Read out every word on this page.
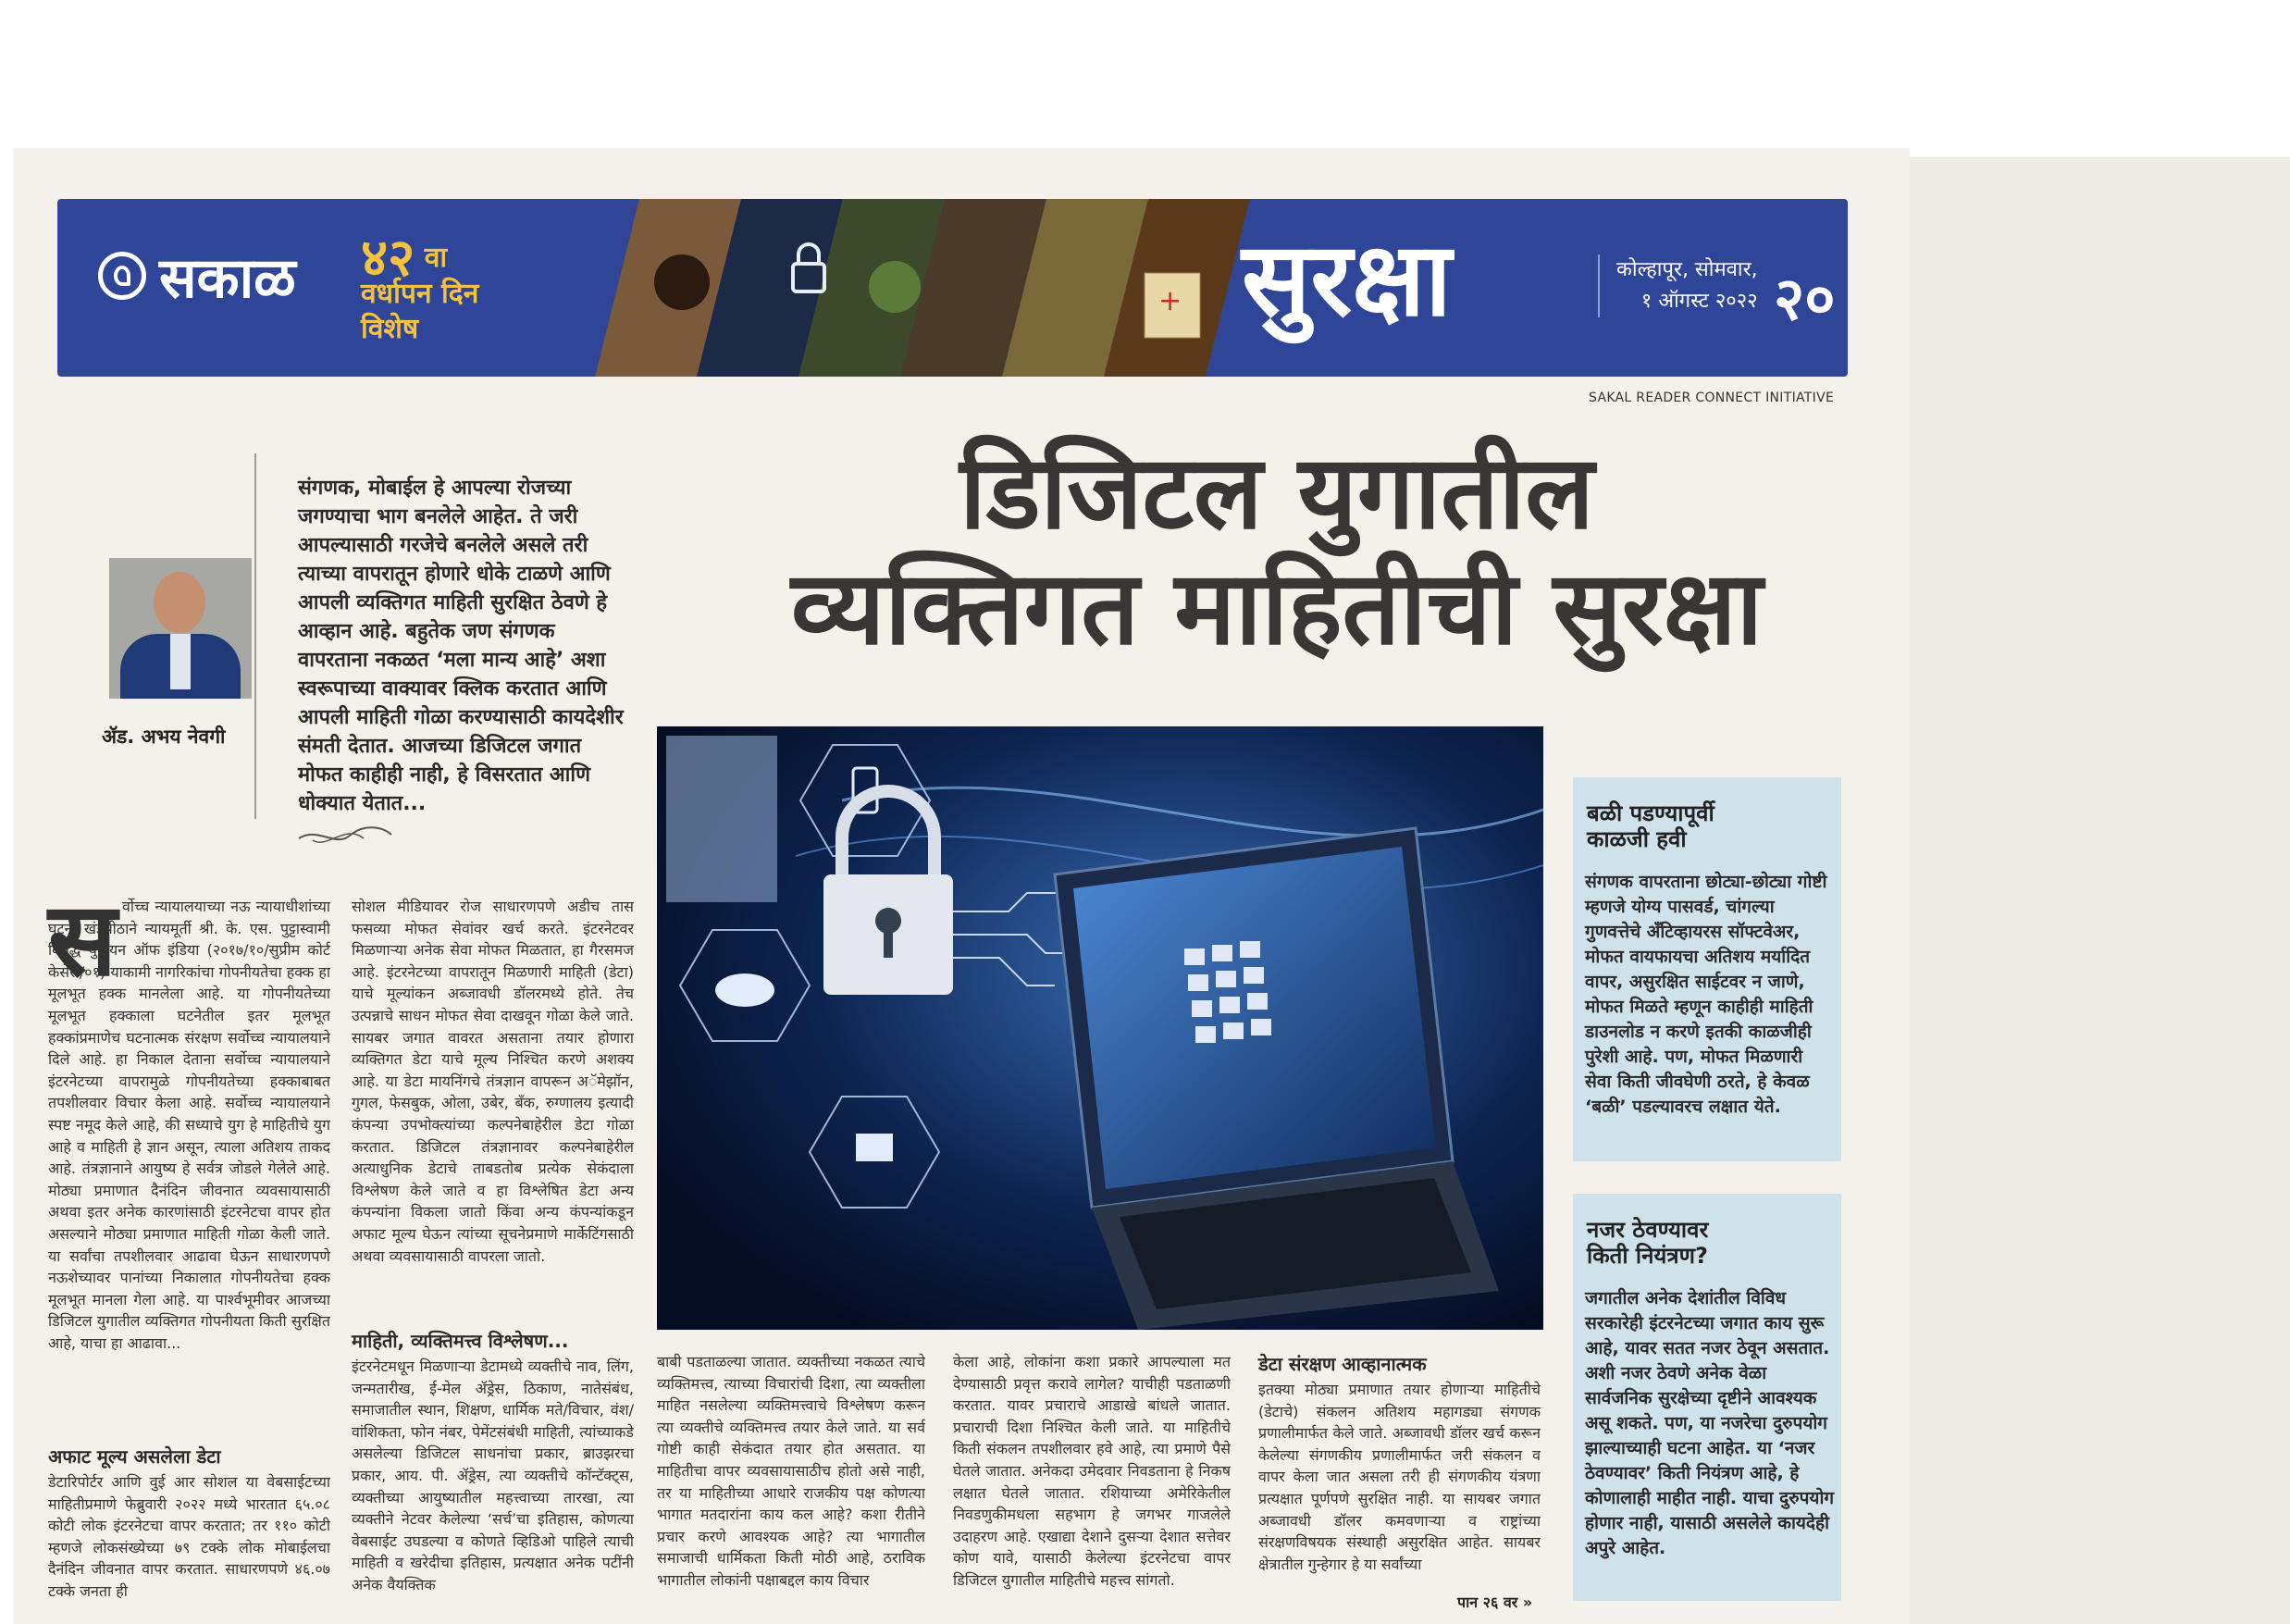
सकाळ ४२ वा
वर्धापन दिन
विशेष
+ सुरक्षा	कोल्हापूर, सोमवार,
१ ऑगस्ट २०२२ २०
SAKAL READER CONNECT INITIATIVE
डिजिटल युगातील
व्यक्तिगत माहितीची सुरक्षा
ॲड. अभय नेवगी
संगणक, मोबाईल हे आपल्या रोजच्या जगण्याचा भाग बनलेले आहेत. ते जरी आपल्यासाठी गरजेचे बनलेले असले तरी त्याच्या वापरातून होणारे धोके टाळणे आणि आपली व्यक्तिगत माहिती सुरक्षित ठेवणे हे आव्हान आहे. बहुतेक जण संगणक वापरताना नकळत ‘मला मान्य आहे’ अशा स्वरूपाच्या वाक्यावर क्लिक करतात आणि आपली माहिती गोळा करण्यासाठी कायदेशीर संमती देतात. आजच्या डिजिटल जगात मोफत काहीही नाही, हे विसरतात आणि धोक्यात येतात...
स र्वोच्च न्यायालयाच्या नऊ न्यायाधीशांच्या घटना खंडपीठाने न्यायमूर्ती श्री. के. एस. पुट्टास्वामी विरुद्ध युनियन ऑफ इंडिया (२०१७/१०/सुप्रीम कोर्ट केसेस/०१) याकामी नागरिकांचा गोपनीयतेचा हक्क हा मूलभूत हक्क मानलेला आहे. या गोपनीयतेच्या मूलभूत हक्काला घटनेतील इतर मूलभूत हक्कांप्रमाणेच घटनात्मक संरक्षण सर्वोच्च न्यायालयाने दिले आहे. हा निकाल देताना सर्वोच्च न्यायालयाने इंटरनेटच्या वापरामुळे गोपनीयतेच्या हक्काबाबत तपशीलवार विचार केला आहे. सर्वोच्च न्यायालयाने स्पष्ट नमूद केले आहे, की सध्याचे युग हे माहितीचे युग आहे व माहिती हे ज्ञान असून, त्याला अतिशय ताकद आहे. तंत्रज्ञानाने आयुष्य हे सर्वत्र जोडले गेलेले आहे. मोठ्या प्रमाणात दैनंदिन जीवनात व्यवसायासाठी अथवा इतर अनेक कारणांसाठी इंटरनेटचा वापर होत असल्याने मोठ्या प्रमाणात माहिती गोळा केली जाते. या सर्वांचा तपशीलवार आढावा घेऊन साधारणपणे नऊशेच्यावर पानांच्या निकालात गोपनीयतेचा हक्क मूलभूत मानला गेला आहे. या पार्श्वभूमीवर आजच्या डिजिटल युगातील व्यक्तिगत गोपनीयता किती सुरक्षित आहे, याचा हा आढावा...
अफाट मूल्य असलेला डेटा
डेटारिपोर्टर आणि वुई आर सोशल या वेबसाईटच्या माहितीप्रमाणे फेब्रुवारी २०२२ मध्ये भारतात ६५.०८ कोटी लोक इंटरनेटचा वापर करतात; तर ११० कोटी म्हणजे लोकसंख्येच्या ७९ टक्के लोक मोबाईलचा दैनंदिन जीवनात वापर करतात. साधारणपणे ४६.०७ टक्के जनता ही
सोशल मीडियावर रोज साधारणपणे अडीच तास फसव्या मोफत सेवांवर खर्च करते. इंटरनेटवर मिळणाऱ्या अनेक सेवा मोफत मिळतात, हा गैरसमज आहे. इंटरनेटच्या वापरातून मिळणारी माहिती (डेटा) याचे मूल्यांकन अब्जावधी डॉलरमध्ये होते. तेच उत्पन्नाचे साधन मोफत सेवा दाखवून गोळा केले जाते. सायबर जगात वावरत असताना तयार होणारा व्यक्तिगत डेटा याचे मूल्य निश्चित करणे अशक्य आहे. या डेटा मायनिंगचे तंत्रज्ञान वापरून अॅमेझॉन, गुगल, फेसबुक, ओला, उबेर, बँक, रुग्णालय इत्यादी कंपन्या उपभोक्त्यांच्या कल्पनेबाहेरील डेटा गोळा करतात. डिजिटल तंत्रज्ञानावर कल्पनेबाहेरील अत्याधुनिक डेटाचे ताबडतोब प्रत्येक सेकंदाला विश्लेषण केले जाते व हा विश्लेषित डेटा अन्य कंपन्यांना विकला जातो किंवा अन्य कंपन्यांकडून अफाट मूल्य घेऊन त्यांच्या सूचनेप्रमाणे मार्केटिंगसाठी अथवा व्यवसायासाठी वापरला जातो.
माहिती, व्यक्तिमत्त्व विश्लेषण...
इंटरनेटमधून मिळणाऱ्या डेटामध्ये व्यक्तीचे नाव, लिंग, जन्मतारीख, ई-मेल ॲड्रेस, ठिकाण, नातेसंबंध, समाजातील स्थान, शिक्षण, धार्मिक मते/विचार, वंश/वांशिकता, फोन नंबर, पेमेंटसंबंधी माहिती, त्यांच्याकडे असलेल्या डिजिटल साधनांचा प्रकार, ब्राउझरचा प्रकार, आय. पी. ॲड्रेस, त्या व्यक्तीचे कॉन्टॅक्ट्स, व्यक्तीच्या आयुष्यातील महत्त्वाच्या तारखा, त्या व्यक्तीने नेटवर केलेल्या ‘सर्च’चा इतिहास, कोणत्या वेबसाईट उघडल्या व कोणते व्हिडिओ पाहिले त्याची माहिती व खरेदीचा इतिहास, प्रत्यक्षात अनेक पटींनी अनेक वैयक्तिक
बाबी पडताळल्या जातात. व्यक्तीच्या नकळत त्याचे व्यक्तिमत्त्व, त्याच्या विचारांची दिशा, त्या व्यक्तीला माहित नसलेल्या व्यक्तिमत्त्वाचे विश्लेषण करून त्या व्यक्तीचे व्यक्तिमत्त्व तयार केले जाते. या सर्व गोष्टी काही सेकंदात तयार होत असतात. या माहितीचा वापर व्यवसायासाठीच होतो असे नाही, तर या माहितीच्या आधारे राजकीय पक्ष कोणत्या भागात मतदारांना काय कल आहे? कशा रीतीने प्रचार करणे आवश्यक आहे? त्या भागातील समाजाची धार्मिकता किती मोठी आहे, ठराविक भागातील लोकांनी पक्षाबद्दल काय विचार
केला आहे, लोकांना कशा प्रकारे आपल्याला मत देण्यासाठी प्रवृत्त करावे लागेल? याचीही पडताळणी करतात. यावर प्रचाराचे आडाखे बांधले जातात. प्रचाराची दिशा निश्चित केली जाते. या माहितीचे किती संकलन तपशीलवार हवे आहे, त्या प्रमाणे पैसे घेतले जातात. अनेकदा उमेदवार निवडताना हे निकष लक्षात घेतले जातात. रशियाच्या अमेरिकेतील निवडणुकीमधला सहभाग हे जगभर गाजलेले उदाहरण आहे. एखाद्या देशाने दुसऱ्या देशात सत्तेवर कोण यावे, यासाठी केलेल्या इंटरनेटचा वापर डिजिटल युगातील माहितीचे महत्त्व सांगतो.
डेटा संरक्षण आव्हानात्मक
इतक्या मोठ्या प्रमाणात तयार होणाऱ्या माहितीचे (डेटाचे) संकलन अतिशय महागड्या संगणक प्रणालीमार्फत केले जाते. अब्जावधी डॉलर खर्च करून केलेल्या संगणकीय प्रणालीमार्फत जरी संकलन व वापर केला जात असला तरी ही संगणकीय यंत्रणा प्रत्यक्षात पूर्णपणे सुरक्षित नाही. या सायबर जगात अब्जावधी डॉलर कमवणाऱ्या व राष्ट्रांच्या संरक्षणविषयक संस्थाही असुरक्षित आहेत. सायबर क्षेत्रातील गुन्हेगार हे या सर्वांच्या
पान २६ वर »
बळी पडण्यापूर्वी
काळजी हवी
संगणक वापरताना छोट्या-छोट्या गोष्टी म्हणजे योग्य पासवर्ड, चांगल्या गुणवत्तेचे ॲंटिव्हायरस सॉफ्टवेअर, मोफत वायफायचा अतिशय मर्यादित वापर, असुरक्षित साईटवर न जाणे, मोफत मिळते म्हणून काहीही माहिती डाउनलोड न करणे इतकी काळजीही पुरेशी आहे. पण, मोफत मिळणारी सेवा किती जीवघेणी ठरते, हे केवळ ‘बळी’ पडल्यावरच लक्षात येते.
नजर ठेवण्यावर
किती नियंत्रण?
जगातील अनेक देशांतील विविध सरकारेही इंटरनेटच्या जगात काय सुरू आहे, यावर सतत नजर ठेवून असतात. अशी नजर ठेवणे अनेक वेळा सार्वजनिक सुरक्षेच्या दृष्टीने आवश्यक असू शकते. पण, या नजरेचा दुरुपयोग झाल्याच्याही घटना आहेत. या ‘नजर ठेवण्यावर’ किती नियंत्रण आहे, हे कोणालाही माहीत नाही. याचा दुरुपयोग होणार नाही, यासाठी असलेले कायदेही अपुरे आहेत.
